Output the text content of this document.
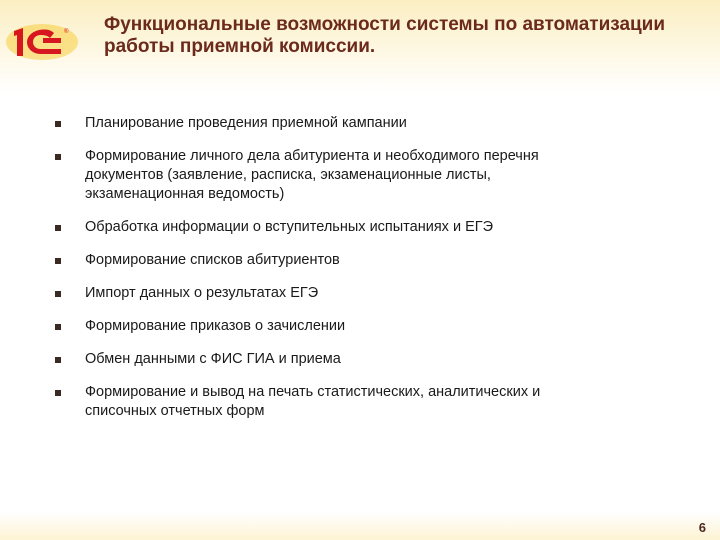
® Функциональные возможности системы по автоматизации
работы приемной комиссии.
Планирование проведения приемной кампании
Формирование личного дела абитуриента и необходимого перечня
документов (заявление, расписка, экзаменационные листы,
экзаменационная ведомость)
Обработка информации о вступительных испытаниях и ЕГЭ
Формирование списков абитуриентов
Импорт данных о результатах ЕГЭ
Формирование приказов о зачислении
Обмен данными с ФИС ГИА и приема
Формирование и вывод на печать статистических, аналитических и
списочных отчетных форм
6
